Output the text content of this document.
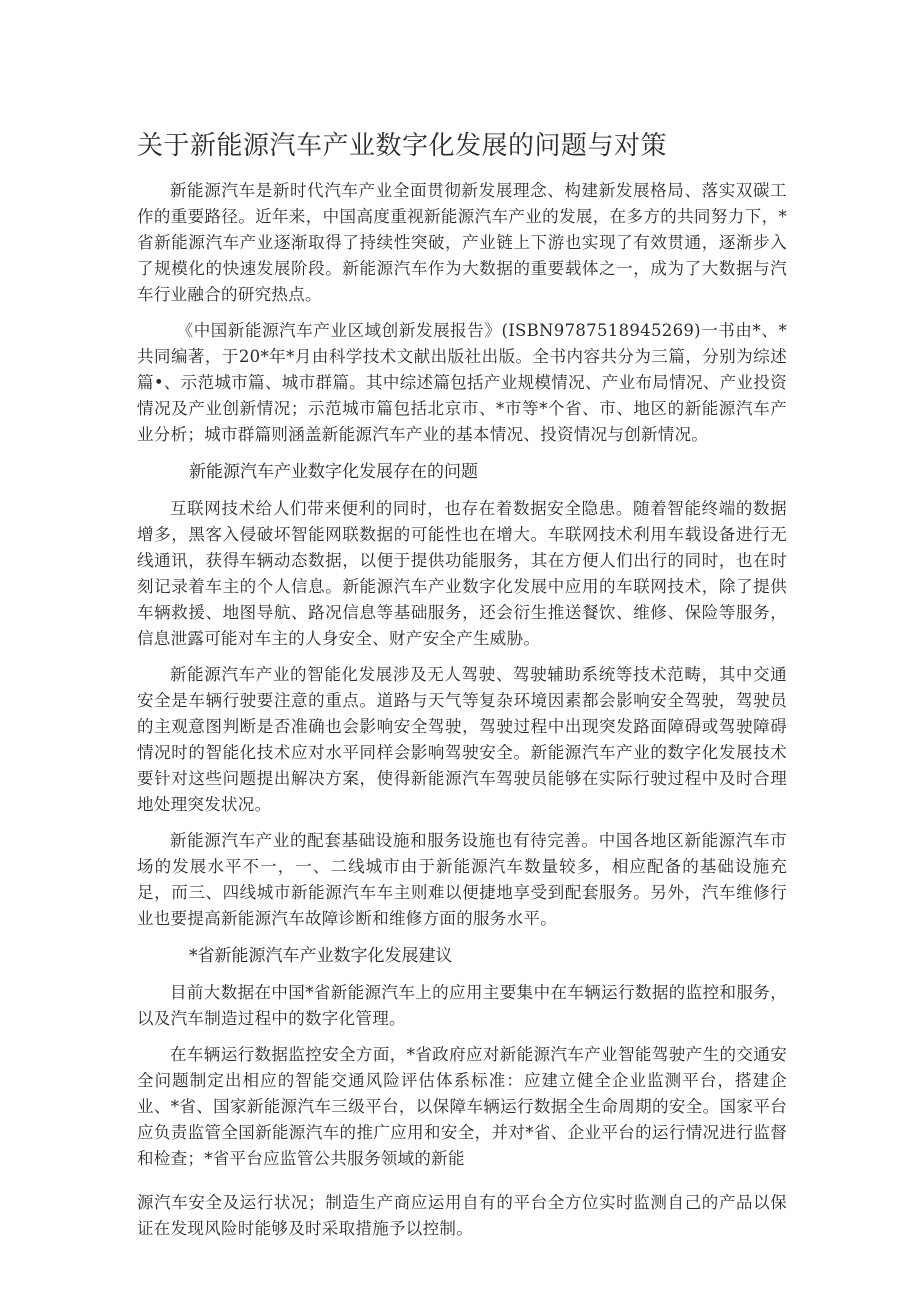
关于新能源汽车产业数字化发展的问题与对策

新能源汽车是新时代汽车产业全面贯彻新发展理念、构建新发展格局、落实双碳工作的重要路径。近年来，中国高度重视新能源汽车产业的发展，在多方的共同努力下，*省新能源汽车产业逐渐取得了持续性突破，产业链上下游也实现了有效贯通，逐渐步入了规模化的快速发展阶段。新能源汽车作为大数据的重要载体之一，成为了大数据与汽车行业融合的研究热点。

《中国新能源汽车产业区域创新发展报告》(ISBN9787518945269)一书由*、*共同编著，于20*年*月由科学技术文献出版社出版。全书内容共分为三篇，分别为综述篇•、示范城市篇、城市群篇。其中综述篇包括产业规模情况、产业布局情况、产业投资情况及产业创新情况；示范城市篇包括北京市、*市等*个省、市、地区的新能源汽车产业分析；城市群篇则涵盖新能源汽车产业的基本情况、投资情况与创新情况。

新能源汽车产业数字化发展存在的问题

互联网技术给人们带来便利的同时，也存在着数据安全隐患。随着智能终端的数据增多，黑客入侵破坏智能网联数据的可能性也在增大。车联网技术利用车载设备进行无线通讯，获得车辆动态数据，以便于提供功能服务，其在方便人们出行的同时，也在时刻记录着车主的个人信息。新能源汽车产业数字化发展中应用的车联网技术，除了提供车辆救援、地图导航、路况信息等基础服务，还会衍生推送餐饮、维修、保险等服务，信息泄露可能对车主的人身安全、财产安全产生威胁。

新能源汽车产业的智能化发展涉及无人驾驶、驾驶辅助系统等技术范畴，其中交通安全是车辆行驶要注意的重点。道路与天气等复杂环境因素都会影响安全驾驶，驾驶员的主观意图判断是否准确也会影响安全驾驶，驾驶过程中出现突发路面障碍或驾驶障碍情况时的智能化技术应对水平同样会影响驾驶安全。新能源汽车产业的数字化发展技术要针对这些问题提出解决方案，使得新能源汽车驾驶员能够在实际行驶过程中及时合理地处理突发状况。

新能源汽车产业的配套基础设施和服务设施也有待完善。中国各地区新能源汽车市场的发展水平不一，一、二线城市由于新能源汽车数量较多，相应配备的基础设施充足，而三、四线城市新能源汽车车主则难以便捷地享受到配套服务。另外，汽车维修行业也要提高新能源汽车故障诊断和维修方面的服务水平。

*省新能源汽车产业数字化发展建议

目前大数据在中国*省新能源汽车上的应用主要集中在车辆运行数据的监控和服务，以及汽车制造过程中的数字化管理。

在车辆运行数据监控安全方面，*省政府应对新能源汽车产业智能驾驶产生的交通安全问题制定出相应的智能交通风险评估体系标准：应建立健全企业监测平台，搭建企业、*省、国家新能源汽车三级平台，以保障车辆运行数据全生命周期的安全。国家平台应负责监管全国新能源汽车的推广应用和安全，并对*省、企业平台的运行情况进行监督和检查；*省平台应监管公共服务领域的新能

源汽车安全及运行状况；制造生产商应运用自有的平台全方位实时监测自己的产品以保证在发现风险时能够及时采取措施予以控制。
